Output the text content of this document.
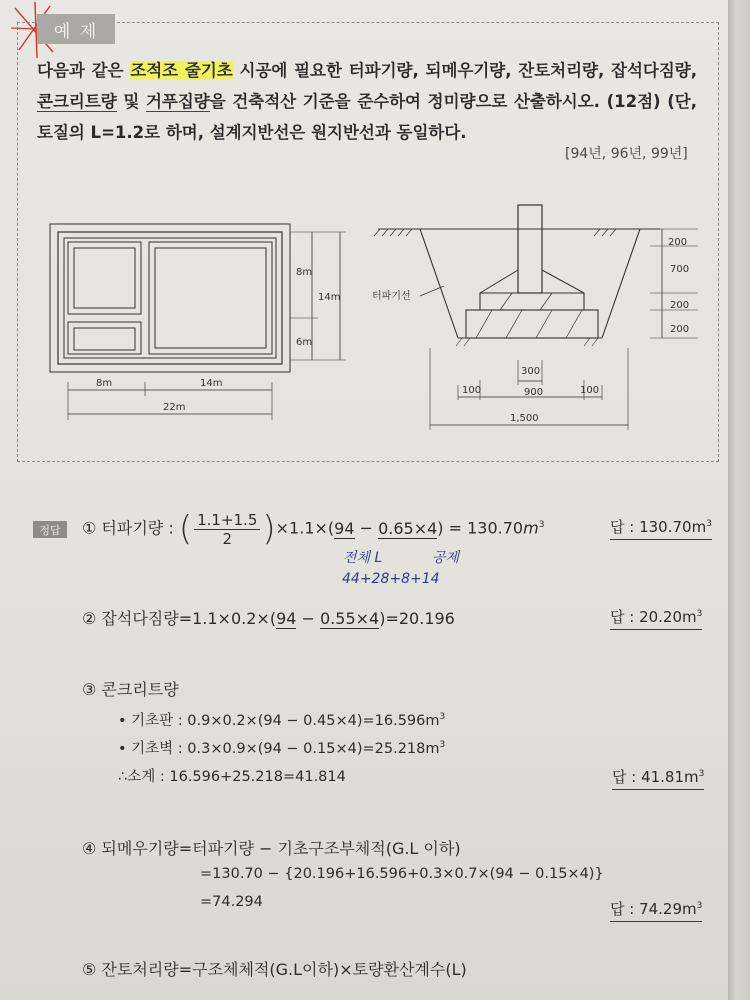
예 제
다음과 같은 조적조 줄기초 시공에 필요한 터파기량, 되메우기량, 잔토처리량, 잡석다짐량, 콘크리트량 및 거푸집량을 건축적산 기준을 준수하여 정미량으로 산출하시오. (12점) (단, 토질의 L=1.2로 하며, 설계지반선은 원지반선과 동일하다.
[94년, 96년, 99년]
8m	14m
22m
8m
6m
14m
200
700
200
200
터파기선
300
100	900	100
1,500
정답	① 터파기량 : ( $\frac{1.1+1.5}{2} )\times 1.1\times(94 - 0.65\times 4) = 130.70m^3$	답 : $130.70m^3$
전체 L	공제
44+28+8+14
② 잡석다짐량=1.1×0.2×(94 − 0.55×4)=20.196	답 : $20.20m^3$
③ 콘크리트량
• 기초판 : $0.9\times 0.2\times(94 - 0.45\times 4)=16.596m^3$
• 기초벽 : $0.3\times 0.9\times(94 - 0.15\times 4)=25.218m^3$
∴소계 : 16.596+25.218=41.814	답 : $41.81m^3$
④ 되메우기량=터파기량 − 기초구조부체적(G.L 이하)
=130.70 − {20.196+16.596+0.3×0.7×(94 − 0.15×4)}
=74.294	답 : $74.29m^3$
⑤ 잔토처리량=구조체체적(G.L이하)×토량환산계수(L)
